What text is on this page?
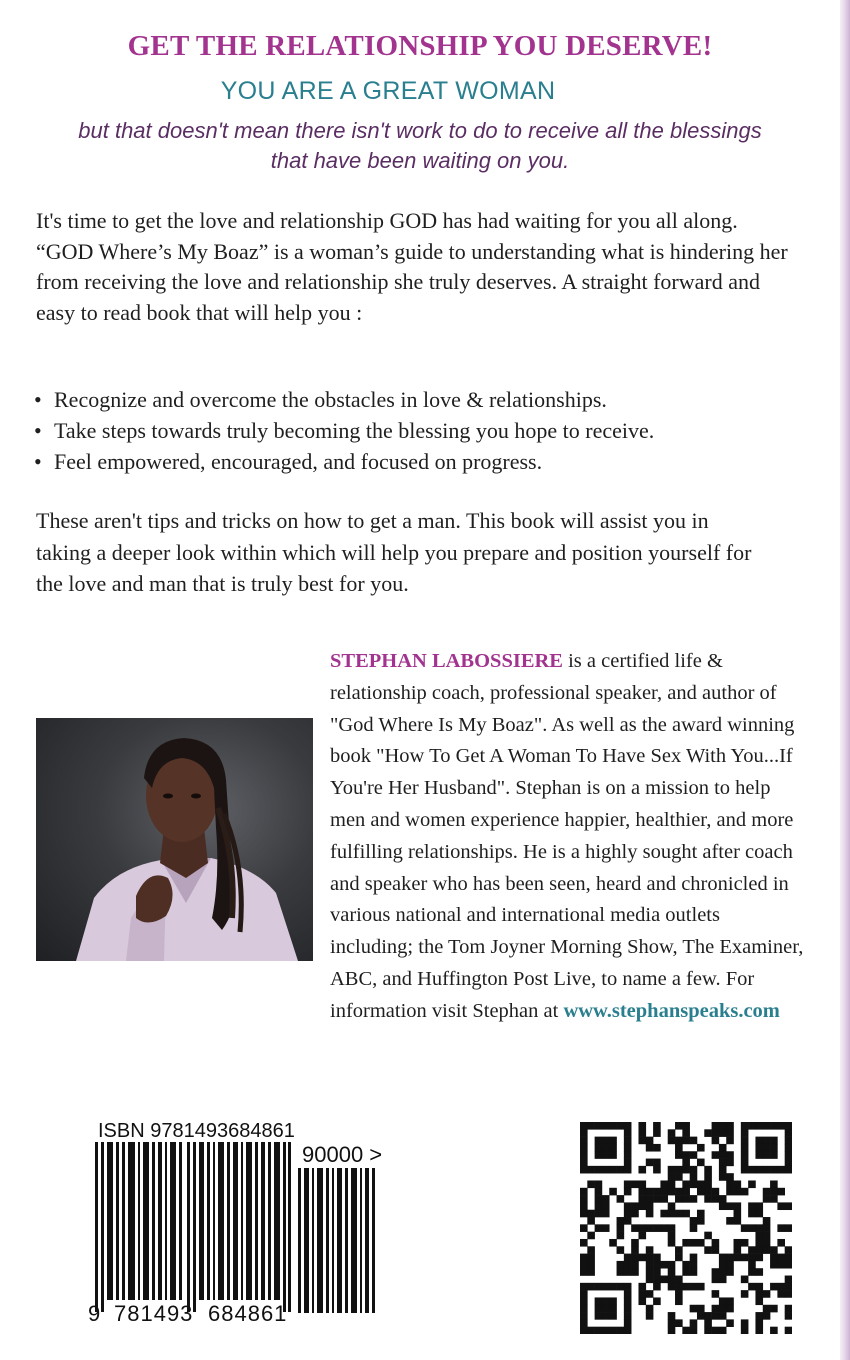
GET THE RELATIONSHIP YOU DESERVE!
YOU ARE A GREAT WOMAN
but that doesn't mean there isn't work to do to receive all the blessings that have been waiting on you.

It's time to get the love and relationship GOD has had waiting for you all along. “GOD Where’s My Boaz” is a woman’s guide to understanding what is hindering her from receiving the love and relationship she truly deserves. A straight forward and easy to read book that will help you :

• Recognize and overcome the obstacles in love & relationships.
• Take steps towards truly becoming the blessing you hope to receive.
• Feel empowered, encouraged, and focused on progress.

These aren't tips and tricks on how to get a man. This book will assist you in taking a deeper look within which will help you prepare and position yourself for the love and man that is truly best for you.

STEPHAN LABOSSIERE is a certified life & relationship coach, professional speaker, and author of "God Where Is My Boaz". As well as the award winning book "How To Get A Woman To Have Sex With You...If You're Her Husband". Stephan is on a mission to help men and women experience happier, healthier, and more fulfilling relationships. He is a highly sought after coach and speaker who has been seen, heard and chronicled in various national and international media outlets including; the Tom Joyner Morning Show, The Examiner, ABC, and Huffington Post Live, to name a few. For information visit Stephan at www.stephanspeaks.com

ISBN 9781493684861
90000 >
9 781493 684861
